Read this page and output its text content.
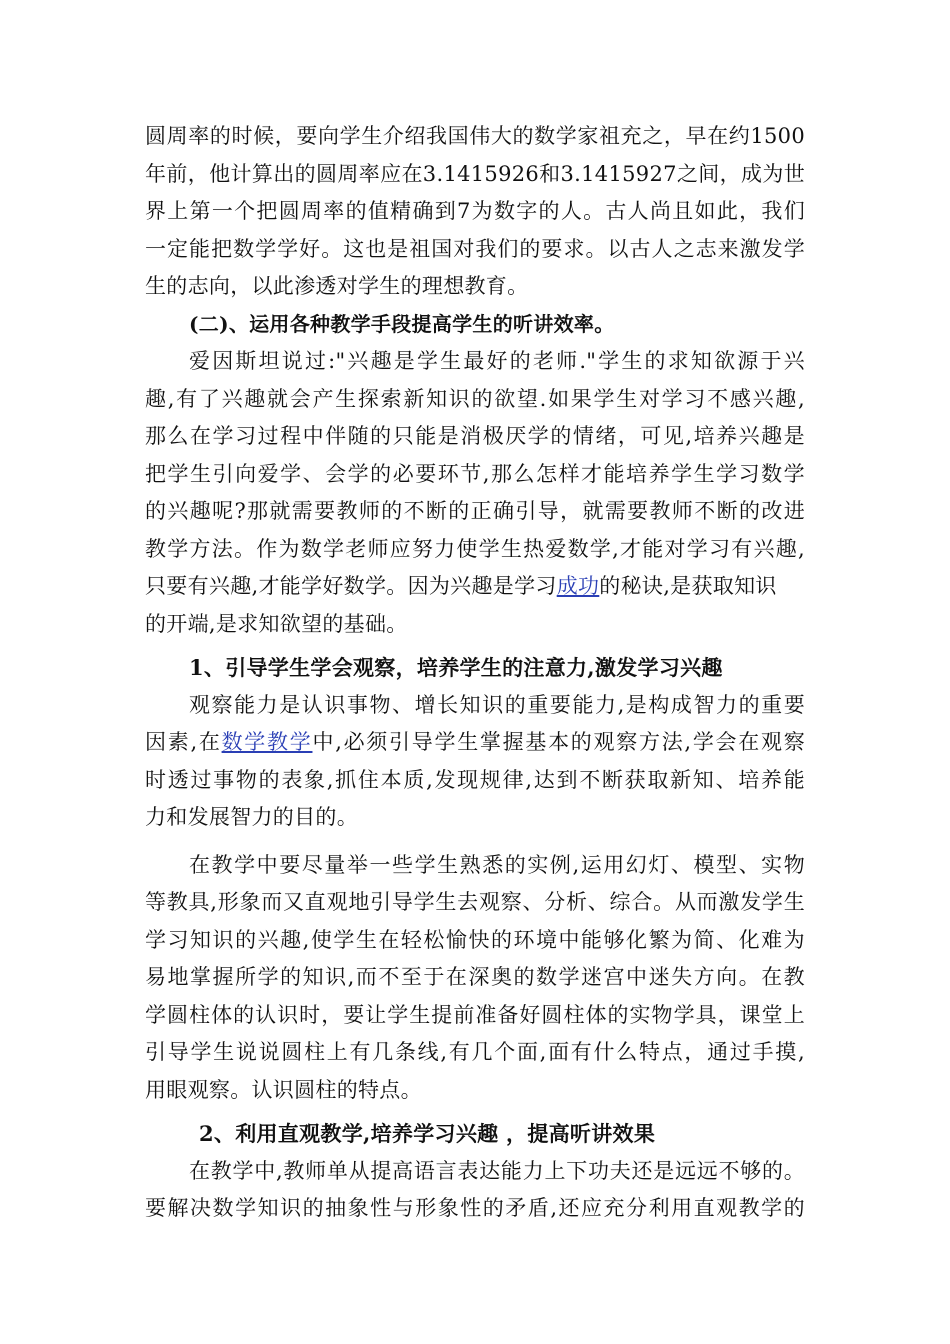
圆周率的时候，要向学生介绍我国伟大的数学家祖充之，早在约1500
年前，他计算出的圆周率应在3.1415926和3.1415927之间，成为世
界上第一个把圆周率的值精确到7为数字的人。古人尚且如此，我们
一定能把数学学好。这也是祖国对我们的要求。以古人之志来激发学
生的志向，以此渗透对学生的理想教育。
(二)、运用各种教学手段提高学生的听讲效率。
爱因斯坦说过:"兴趣是学生最好的老师."学生的求知欲源于兴
趣,有了兴趣就会产生探索新知识的欲望.如果学生对学习不感兴趣,
那么在学习过程中伴随的只能是消极厌学的情绪，可见,培养兴趣是
把学生引向爱学、会学的必要环节,那么怎样才能培养学生学习数学
的兴趣呢?那就需要教师的不断的正确引导，就需要教师不断的改进
教学方法。作为数学老师应努力使学生热爱数学,才能对学习有兴趣,
只要有兴趣,才能学好数学。因为兴趣是学习成功的秘诀,是获取知识
的开端,是求知欲望的基础。
1、引导学生学会观察，培养学生的注意力,激发学习兴趣
观察能力是认识事物、增长知识的重要能力,是构成智力的重要
因素,在数学教学中,必须引导学生掌握基本的观察方法,学会在观察
时透过事物的表象,抓住本质,发现规律,达到不断获取新知、培养能
力和发展智力的目的。
在教学中要尽量举一些学生熟悉的实例,运用幻灯、模型、实物
等教具,形象而又直观地引导学生去观察、分析、综合。从而激发学生
学习知识的兴趣,使学生在轻松愉快的环境中能够化繁为简、化难为
易地掌握所学的知识,而不至于在深奥的数学迷宫中迷失方向。在教
学圆柱体的认识时，要让学生提前准备好圆柱体的实物学具，课堂上
引导学生说说圆柱上有几条线,有几个面,面有什么特点，通过手摸,
用眼观察。认识圆柱的特点。
2、利用直观教学,培养学习兴趣 ，提高听讲效果
在教学中,教师单从提高语言表达能力上下功夫还是远远不够的。
要解决数学知识的抽象性与形象性的矛盾,还应充分利用直观教学的
